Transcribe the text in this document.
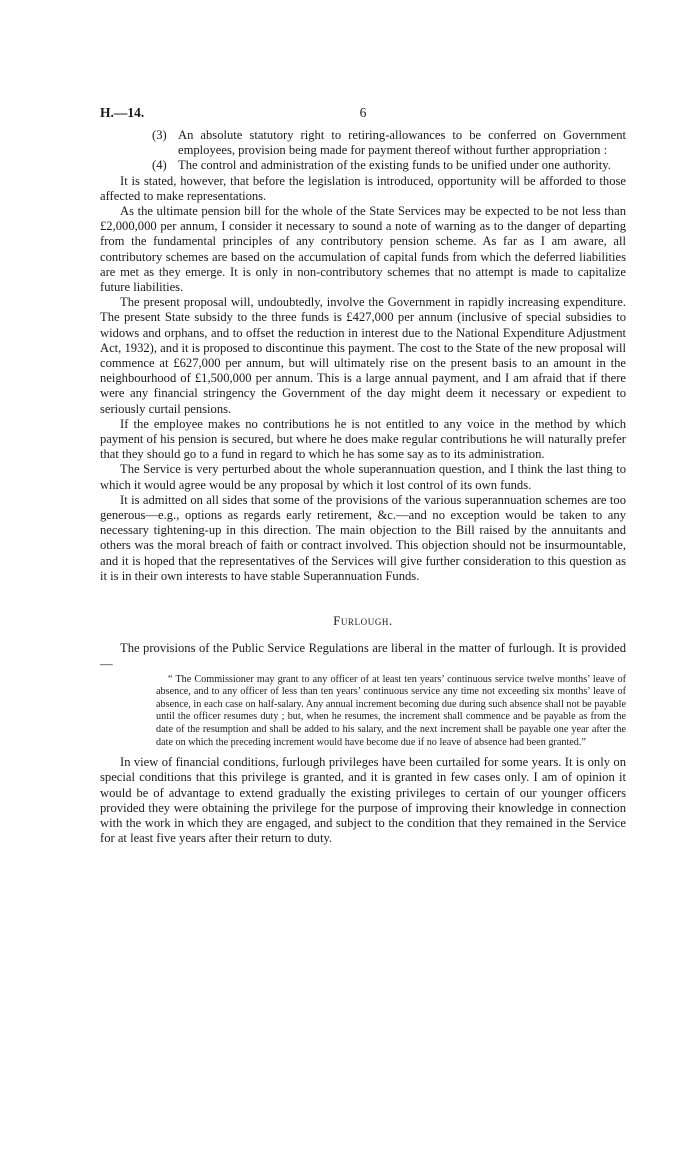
H.—14.	6
(3) An absolute statutory right to retiring-allowances to be conferred on Government employees, provision being made for payment thereof without further appropriation :
(4) The control and administration of the existing funds to be unified under one authority.

It is stated, however, that before the legislation is introduced, opportunity will be afforded to those affected to make representations.

As the ultimate pension bill for the whole of the State Services may be expected to be not less than £2,000,000 per annum, I consider it necessary to sound a note of warning as to the danger of departing from the fundamental principles of any contributory pension scheme. As far as I am aware, all contributory schemes are based on the accumulation of capital funds from which the deferred liabilities are met as they emerge. It is only in non-contributory schemes that no attempt is made to capitalize future liabilities.

The present proposal will, undoubtedly, involve the Government in rapidly increasing expenditure. The present State subsidy to the three funds is £427,000 per annum (inclusive of special subsidies to widows and orphans, and to offset the reduction in interest due to the National Expenditure Adjustment Act, 1932), and it is proposed to discontinue this payment. The cost to the State of the new proposal will commence at £627,000 per annum, but will ultimately rise on the present basis to an amount in the neighbourhood of £1,500,000 per annum. This is a large annual payment, and I am afraid that if there were any financial stringency the Government of the day might deem it necessary or expedient to seriously curtail pensions.

If the employee makes no contributions he is not entitled to any voice in the method by which payment of his pension is secured, but where he does make regular contributions he will naturally prefer that they should go to a fund in regard to which he has some say as to its administration.

The Service is very perturbed about the whole superannuation question, and I think the last thing to which it would agree would be any proposal by which it lost control of its own funds.

It is admitted on all sides that some of the provisions of the various superannuation schemes are too generous—e.g., options as regards early retirement, &c.—and no exception would be taken to any necessary tightening-up in this direction. The main objection to the Bill raised by the annuitants and others was the moral breach of faith or contract involved. This objection should not be insurmountable, and it is hoped that the representatives of the Services will give further consideration to this question as it is in their own interests to have stable Superannuation Funds.

Furlough.

The provisions of the Public Service Regulations are liberal in the matter of furlough. It is provided—

“ The Commissioner may grant to any officer of at least ten years’ continuous service twelve months’ leave of absence, and to any officer of less than ten years’ continuous service any time not exceeding six months’ leave of absence, in each case on half-salary. Any annual increment becoming due during such absence shall not be payable until the officer resumes duty ; but, when he resumes, the increment shall commence and be payable as from the date of the resumption and shall be added to his salary, and the next increment shall be payable one year after the date on which the preceding increment would have become due if no leave of absence had been granted.”

In view of financial conditions, furlough privileges have been curtailed for some years. It is only on special conditions that this privilege is granted, and it is granted in few cases only. I am of opinion it would be of advantage to extend gradually the existing privileges to certain of our younger officers provided they were obtaining the privilege for the purpose of improving their knowledge in connection with the work in which they are engaged, and subject to the condition that they remained in the Service for at least five years after their return to duty.
